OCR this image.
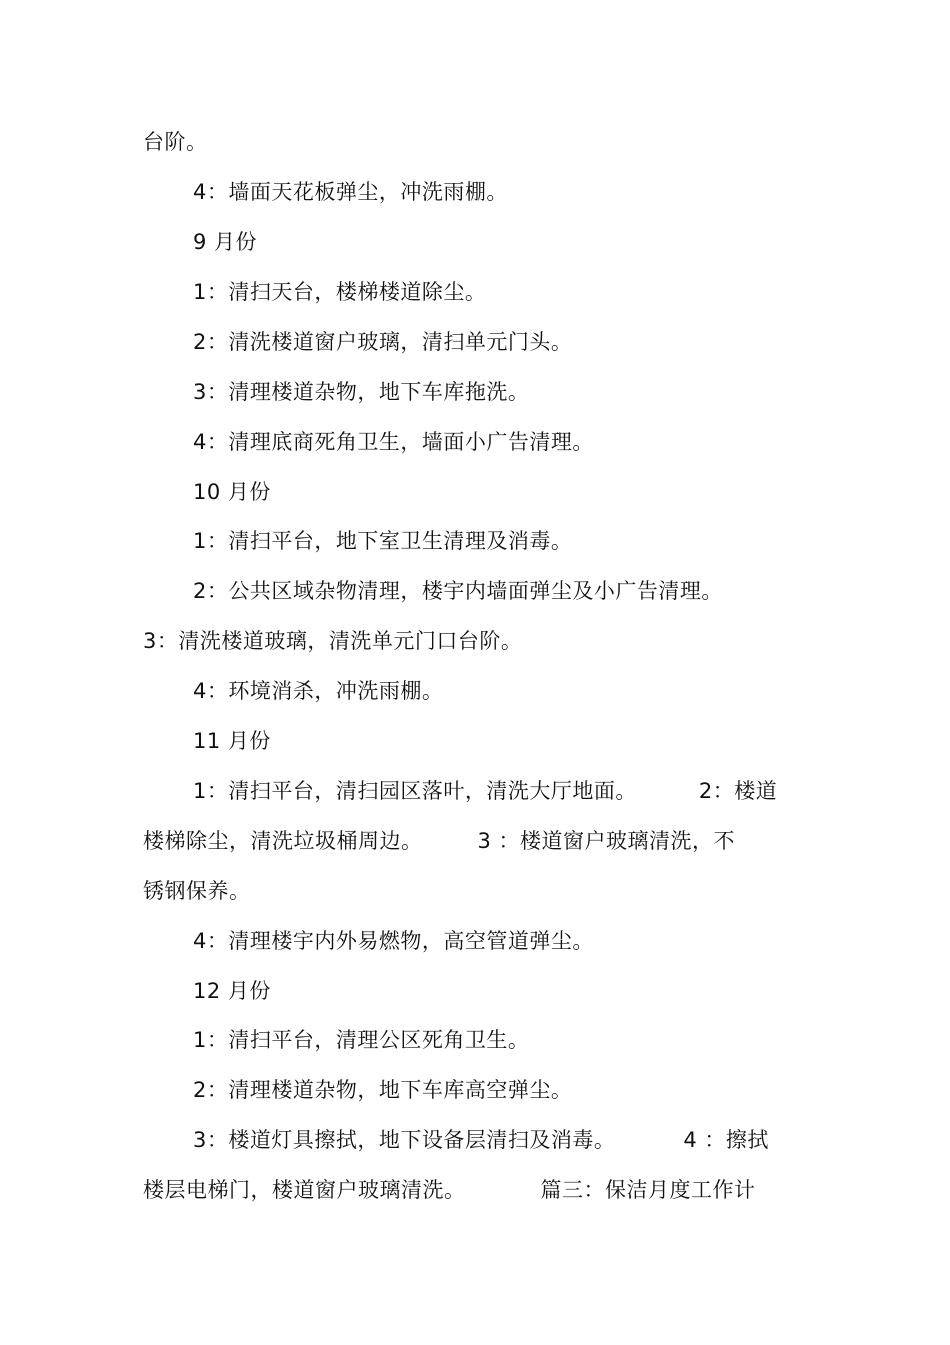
台阶。
4：墙面天花板弹尘，冲洗雨棚。
9 月份
1：清扫天台，楼梯楼道除尘。
2：清洗楼道窗户玻璃，清扫单元门头。
3：清理楼道杂物，地下车库拖洗。
4：清理底商死角卫生，墙面小广告清理。
10 月份
1：清扫平台，地下室卫生清理及消毒。
2：公共区域杂物清理，楼宇内墙面弹尘及小广告清理。
3：清洗楼道玻璃，清洗单元门口台阶。
4：环境消杀，冲洗雨棚。
11 月份
1：清扫平台，清扫园区落叶，清洗大厅地面。	2：楼道
楼梯除尘，清洗垃圾桶周边。	3 ：楼道窗户玻璃清洗，不
锈钢保养。
4：清理楼宇内外易燃物，高空管道弹尘。
12 月份
1：清扫平台，清理公区死角卫生。
2：清理楼道杂物，地下车库高空弹尘。
3：楼道灯具擦拭，地下设备层清扫及消毒。	4 ：擦拭
楼层电梯门，楼道窗户玻璃清洗。	篇三：保洁月度工作计
